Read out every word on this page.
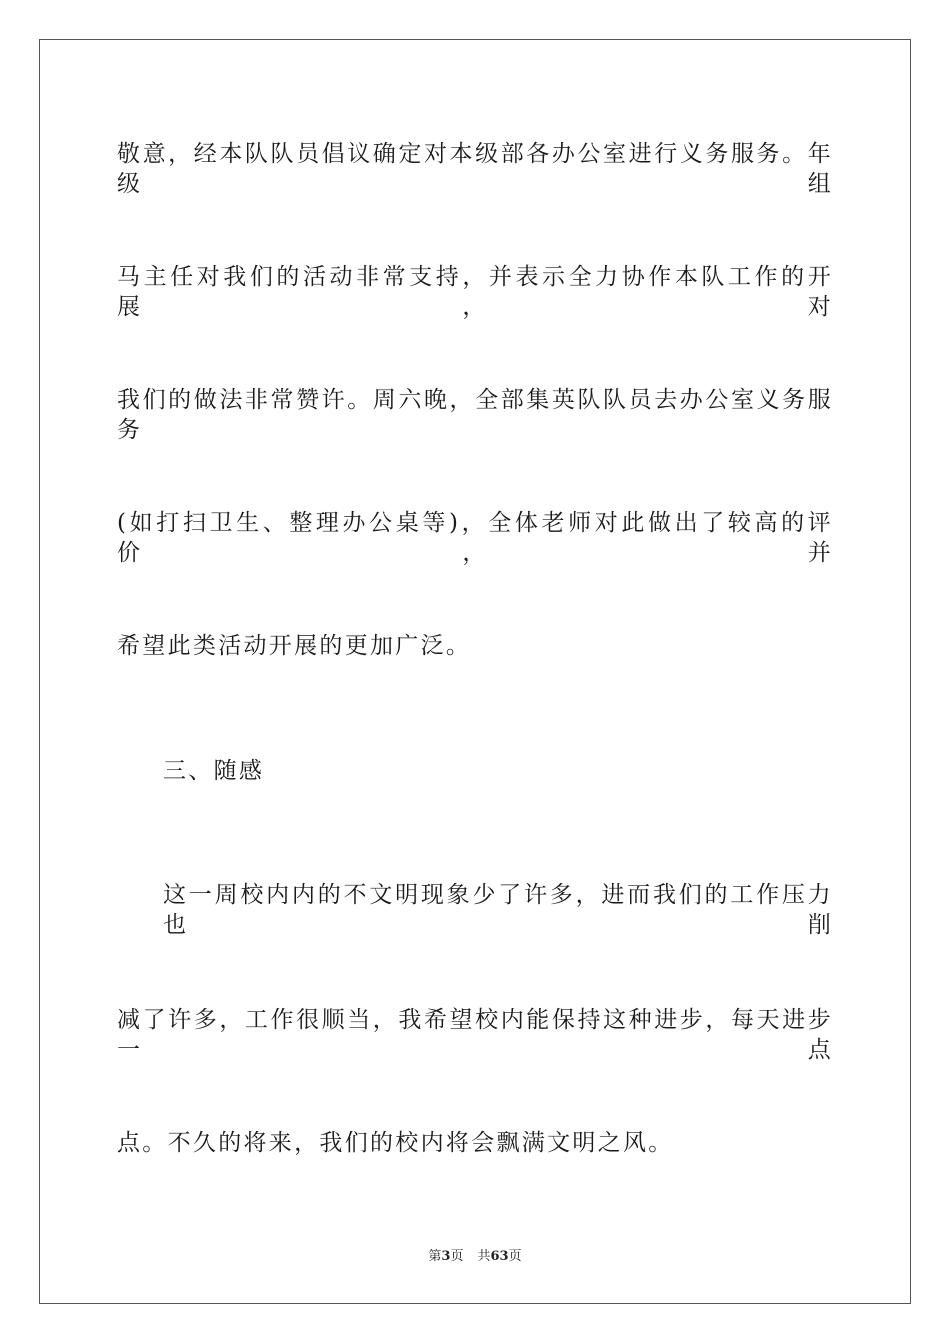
敬意，经本队队员倡议确定对本级部各办公室进行义务服务。年级组
马主任对我们的活动非常支持，并表示全力协作本队工作的开展，对
我们的做法非常赞许。周六晚，全部集英队队员去办公室义务服务
(如打扫卫生、整理办公桌等)，全体老师对此做出了较高的评价，并
希望此类活动开展的更加广泛。
三、随感
这一周校内内的不文明现象少了许多，进而我们的工作压力也削
减了许多，工作很顺当，我希望校内能保持这种进步，每天进步一点
点。不久的将来，我们的校内将会飘满文明之风。
第3页 共63页
